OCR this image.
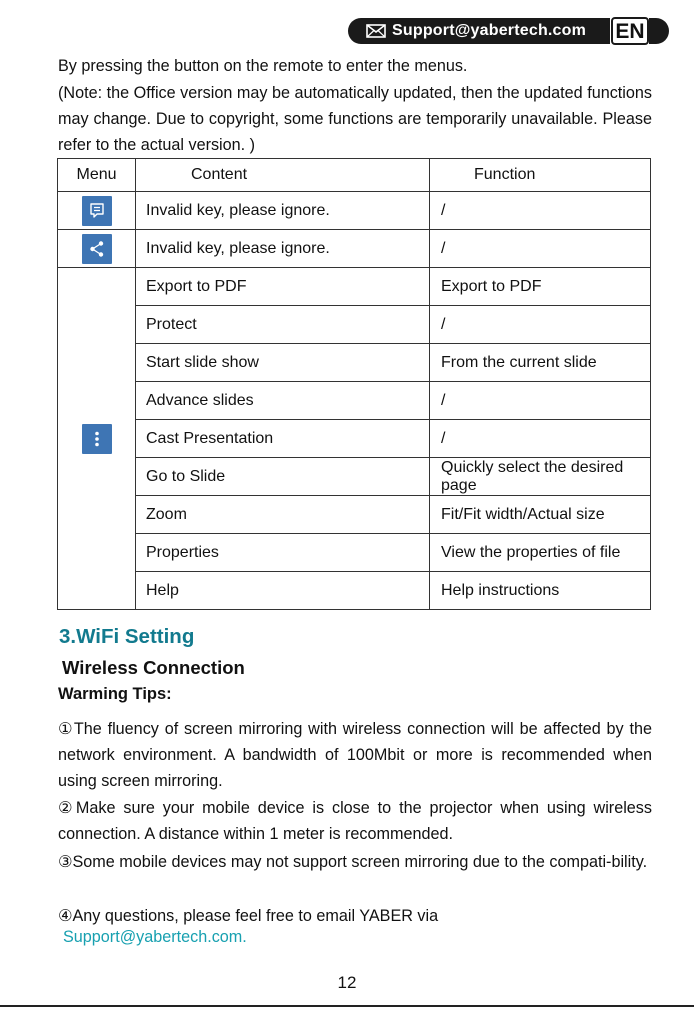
Support@yabertech.com EN

By pressing the button on the remote to enter the menus.

(Note: the Office version may be automatically updated, then the updated functions may change. Due to copyright, some functions are temporarily unavailable. Please refer to the actual version. )

Menu	Content	Function

	Invalid key, please ignore.	/

	Invalid key, please ignore.	/

	Export to PDF	Export to PDF
	Protect	/
	Start slide show	From the current slide
	Advance slides	/
	Cast Presentation	/
	Go to Slide	Quickly select the desired page
	Zoom	Fit/Fit width/Actual size
	Properties	View the properties of file
	Help	Help instructions
3.WiFi Setting
Wireless Connection
Warming Tips:

①The fluency of screen mirroring with wireless connection will be affected by the network environment. A bandwidth of 100Mbit or more is recommended when using screen mirroring.

②Make sure your mobile device is close to the projector when using wireless connection. A distance within 1 meter is recommended.

③Some mobile devices may not support screen mirroring due to the compati-bility.

④Any questions, please feel free to email YABER via

Support@yabertech.com.

12
